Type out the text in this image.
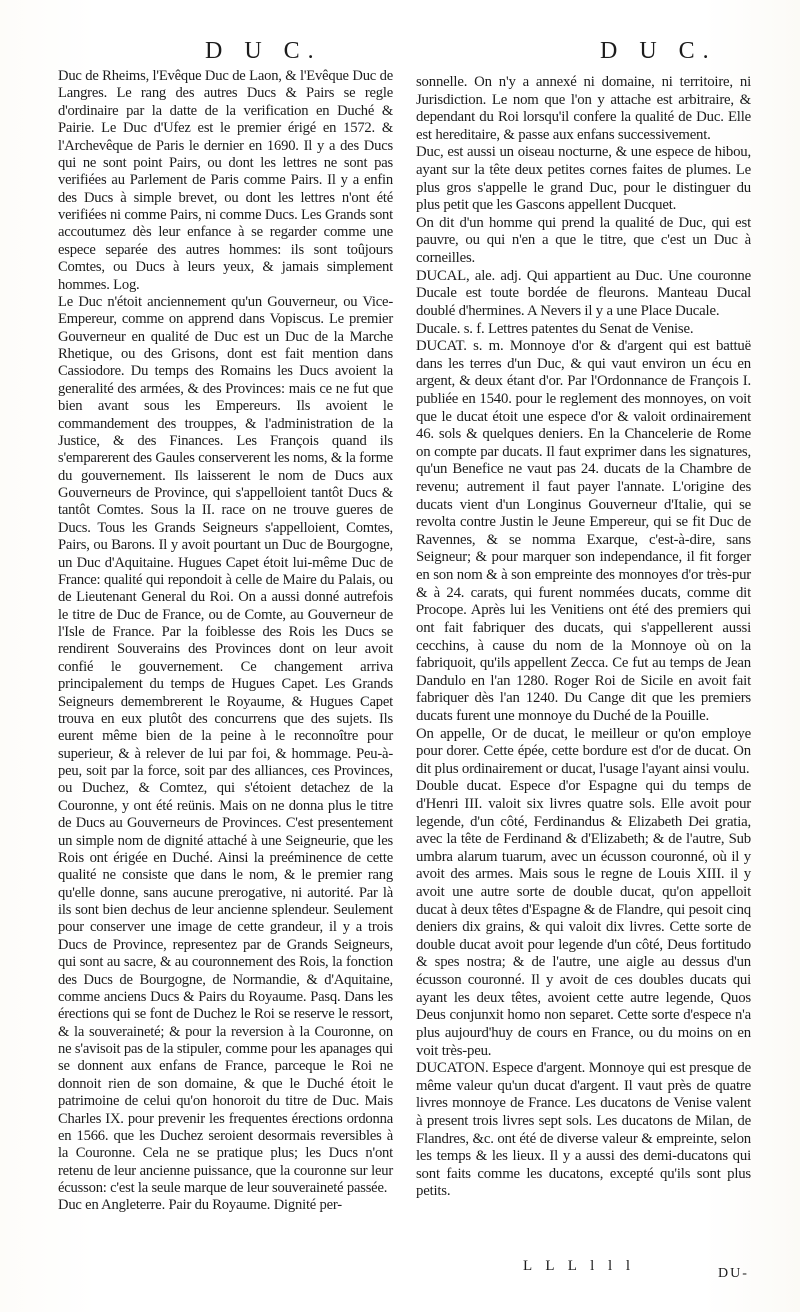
D U C.	D U C.

Duc de Rheims, l'Evêque Duc de Laon, & l'Evêque Duc de Langres. Le rang des autres Ducs & Pairs se regle d'ordinaire par la datte de la verification en Duché & Pairie. Le Duc d'Ufez est le premier érigé en 1572. & l'Archevêque de Paris le dernier en 1690. Il y a des Ducs qui ne sont point Pairs, ou dont les lettres ne sont pas verifiées au Parlement de Paris comme Pairs. Il y a enfin des Ducs à simple brevet, ou dont les lettres n'ont été verifiées ni comme Pairs, ni comme Ducs. Les Grands sont accoutumez dès leur enfance à se regarder comme une espece separée des autres hommes: ils sont toûjours Comtes, ou Ducs à leurs yeux, & jamais simplement hommes. Log.

Le Duc n'étoit anciennement qu'un Gouverneur, ou Vice-Empereur, comme on apprend dans Vopiscus. Le premier Gouverneur en qualité de Duc est un Duc de la Marche Rhetique, ou des Grisons, dont est fait mention dans Cassiodore. Du temps des Romains les Ducs avoient la generalité des armées, & des Provinces: mais ce ne fut que bien avant sous les Empereurs. Ils avoient le commandement des trouppes, & l'administration de la Justice, & des Finances. Les François quand ils s'emparerent des Gaules conserverent les noms, & la forme du gouvernement. Ils laisserent le nom de Ducs aux Gouverneurs de Province, qui s'appelloient tantôt Ducs & tantôt Comtes. Sous la II. race on ne trouve gueres de Ducs. Tous les Grands Seigneurs s'appelloient, Comtes, Pairs, ou Barons. Il y avoit pourtant un Duc de Bourgogne, un Duc d'Aquitaine. Hugues Capet étoit lui-même Duc de France: qualité qui repondoit à celle de Maire du Palais, ou de Lieutenant General du Roi. On a aussi donné autrefois le titre de Duc de France, ou de Comte, au Gouverneur de l'Isle de France. Par la foiblesse des Rois les Ducs se rendirent Souverains des Provinces dont on leur avoit confié le gouvernement. Ce changement arriva principalement du temps de Hugues Capet. Les Grands Seigneurs demembrerent le Royaume, & Hugues Capet trouva en eux plutôt des concurrens que des sujets. Ils eurent même bien de la peine à le reconnoître pour superieur, & à relever de lui par foi, & hommage. Peu-à-peu, soit par la force, soit par des alliances, ces Provinces, ou Duchez, & Comtez, qui s'étoient detachez de la Couronne, y ont été reünis. Mais on ne donna plus le titre de Ducs au Gouverneurs de Provinces. C'est presentement un simple nom de dignité attaché à une Seigneurie, que les Rois ont érigée en Duché. Ainsi la preéminence de cette qualité ne consiste que dans le nom, & le premier rang qu'elle donne, sans aucune prerogative, ni autorité. Par là ils sont bien dechus de leur ancienne splendeur. Seulement pour conserver une image de cette grandeur, il y a trois Ducs de Province, representez par de Grands Seigneurs, qui sont au sacre, & au couronnement des Rois, la fonction des Ducs de Bourgogne, de Normandie, & d'Aquitaine, comme anciens Ducs & Pairs du Royaume. Pasq. Dans les érections qui se font de Duchez le Roi se reserve le ressort, & la souveraineté; & pour la reversion à la Couronne, on ne s'avisoit pas de la stipuler, comme pour les apanages qui se donnent aux enfans de France, parceque le Roi ne donnoit rien de son domaine, & que le Duché étoit le patrimoine de celui qu'on honoroit du titre de Duc. Mais Charles IX. pour prevenir les frequentes érections ordonna en 1566. que les Duchez seroient desormais reversibles à la Couronne. Cela ne se pratique plus; les Ducs n'ont retenu de leur ancienne puissance, que la couronne sur leur écusson: c'est la seule marque de leur souveraineté passée.

Duc en Angleterre. Pair du Royaume. Dignité per-

sonnelle. On n'y a annexé ni domaine, ni territoire, ni Jurisdiction. Le nom que l'on y attache est arbitraire, & dependant du Roi lorsqu'il confere la qualité de Duc. Elle est hereditaire, & passe aux enfans successivement.

Duc, est aussi un oiseau nocturne, & une espece de hibou, ayant sur la tête deux petites cornes faites de plumes. Le plus gros s'appelle le grand Duc, pour le distinguer du plus petit que les Gascons appellent Ducquet.

On dit d'un homme qui prend la qualité de Duc, qui est pauvre, ou qui n'en a que le titre, que c'est un Duc à corneilles.

DUCAL, ale. adj. Qui appartient au Duc. Une couronne Ducale est toute bordée de fleurons. Manteau Ducal doublé d'hermines. A Nevers il y a une Place Ducale.

Ducale. s. f. Lettres patentes du Senat de Venise.

DUCAT. s. m. Monnoye d'or & d'argent qui est battuë dans les terres d'un Duc, & qui vaut environ un écu en argent, & deux étant d'or. Par l'Ordonnance de François I. publiée en 1540. pour le reglement des monnoyes, on voit que le ducat étoit une espece d'or & valoit ordinairement 46. sols & quelques deniers. En la Chancelerie de Rome on compte par ducats. Il faut exprimer dans les signatures, qu'un Benefice ne vaut pas 24. ducats de la Chambre de revenu; autrement il faut payer l'annate. L'origine des ducats vient d'un Longinus Gouverneur d'Italie, qui se revolta contre Justin le Jeune Empereur, qui se fit Duc de Ravennes, & se nomma Exarque, c'est-à-dire, sans Seigneur; & pour marquer son independance, il fit forger en son nom & à son empreinte des monnoyes d'or très-pur & à 24. carats, qui furent nommées ducats, comme dit Procope. Après lui les Venitiens ont été des premiers qui ont fait fabriquer des ducats, qui s'appellerent aussi cecchins, à cause du nom de la Monnoye où on la fabriquoit, qu'ils appellent Zecca. Ce fut au temps de Jean Dandulo en l'an 1280. Roger Roi de Sicile en avoit fait fabriquer dès l'an 1240. Du Cange dit que les premiers ducats furent une monnoye du Duché de la Pouille.

On appelle, Or de ducat, le meilleur or qu'on employe pour dorer. Cette épée, cette bordure est d'or de ducat. On dit plus ordinairement or ducat, l'usage l'ayant ainsi voulu.

Double ducat. Espece d'or Espagne qui du temps de d'Henri III. valoit six livres quatre sols. Elle avoit pour legende, d'un côté, Ferdinandus & Elizabeth Dei gratia, avec la tête de Ferdinand & d'Elizabeth; & de l'autre, Sub umbra alarum tuarum, avec un écusson couronné, où il y avoit des armes. Mais sous le regne de Louis XIII. il y avoit une autre sorte de double ducat, qu'on appelloit ducat à deux têtes d'Espagne & de Flandre, qui pesoit cinq deniers dix grains, & qui valoit dix livres. Cette sorte de double ducat avoit pour legende d'un côté, Deus fortitudo & spes nostra; & de l'autre, une aigle au dessus d'un écusson couronné. Il y avoit de ces doubles ducats qui ayant les deux têtes, avoient cette autre legende, Quos Deus conjunxit homo non separet. Cette sorte d'espece n'a plus aujourd'huy de cours en France, ou du moins on en voit très-peu.

DUCATON. Espece d'argent. Monnoye qui est presque de même valeur qu'un ducat d'argent. Il vaut près de quatre livres monnoye de France. Les ducatons de Venise valent à present trois livres sept sols. Les ducatons de Milan, de Flandres, &c. ont été de diverse valeur & empreinte, selon les temps & les lieux. Il y a aussi des demi-ducatons qui sont faits comme les ducatons, excepté qu'ils sont plus petits.

L L L l l l	DU-
